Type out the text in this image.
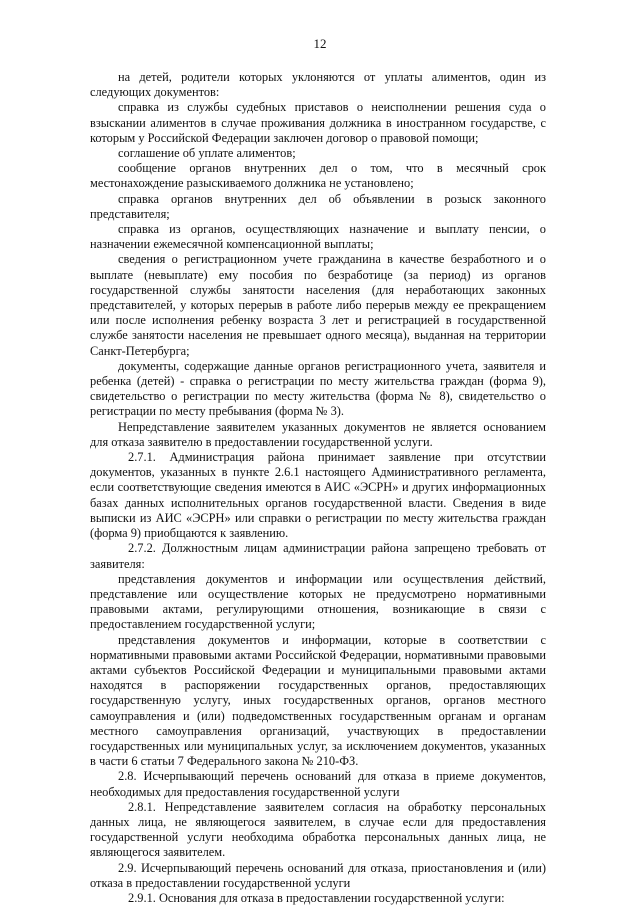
12

на детей, родители которых уклоняются от уплаты алиментов, один из следующих документов:

справка из службы судебных приставов о неисполнении решения суда о взыскании алиментов в случае проживания должника в иностранном государстве, с которым у Российской Федерации заключен договор о правовой помощи;

соглашение об уплате алиментов;

сообщение органов внутренних дел о том, что в месячный срок местонахождение разыскиваемого должника не установлено;

справка органов внутренних дел об объявлении в розыск законного представителя;

справка из органов, осуществляющих назначение и выплату пенсии, о назначении ежемесячной компенсационной выплаты;

сведения о регистрационном учете гражданина в качестве безработного и о выплате (невыплате) ему пособия по безработице (за период) из органов государственной службы занятости населения (для неработающих законных представителей, у которых перерыв в работе либо перерыв между ее прекращением или после исполнения ребенку возраста 3 лет и регистрацией в государственной службе занятости населения не превышает одного месяца), выданная на территории Санкт-Петербурга;

документы, содержащие данные органов регистрационного учета, заявителя и ребенка (детей) - справка о регистрации по месту жительства граждан (форма 9), свидетельство о регистрации по месту жительства (форма № 8), свидетельство о регистрации по месту пребывания (форма № 3).

Непредставление заявителем указанных документов не является основанием для отказа заявителю в предоставлении государственной услуги.

2.7.1. Администрация района принимает заявление при отсутствии документов, указанных в пункте 2.6.1 настоящего Административного регламента, если соответствующие сведения имеются в АИС «ЭСРН» и других информационных базах данных исполнительных органов государственной власти. Сведения в виде выписки из АИС «ЭСРН» или справки о регистрации по месту жительства граждан (форма 9) приобщаются к заявлению.

2.7.2. Должностным лицам администрации района запрещено требовать от заявителя:

представления документов и информации или осуществления действий, представление или осуществление которых не предусмотрено нормативными правовыми актами, регулирующими отношения, возникающие в связи с предоставлением государственной услуги;

представления документов и информации, которые в соответствии с нормативными правовыми актами Российской Федерации, нормативными правовыми актами субъектов Российской Федерации и муниципальными правовыми актами находятся в распоряжении государственных органов, предоставляющих государственную услугу, иных государственных органов, органов местного самоуправления и (или) подведомственных государственным органам и органам местного самоуправления организаций, участвующих в предоставлении государственных или муниципальных услуг, за исключением документов, указанных в части 6 статьи 7 Федерального закона № 210-ФЗ.

2.8. Исчерпывающий перечень оснований для отказа в приеме документов, необходимых для предоставления государственной услуги

2.8.1. Непредставление заявителем согласия на обработку персональных данных лица, не являющегося заявителем, в случае если для предоставления государственной услуги необходима обработка персональных данных лица, не являющегося заявителем.

2.9. Исчерпывающий перечень оснований для отказа, приостановления и (или) отказа в предоставлении государственной услуги

2.9.1. Основания для отказа в предоставлении государственной услуги:
